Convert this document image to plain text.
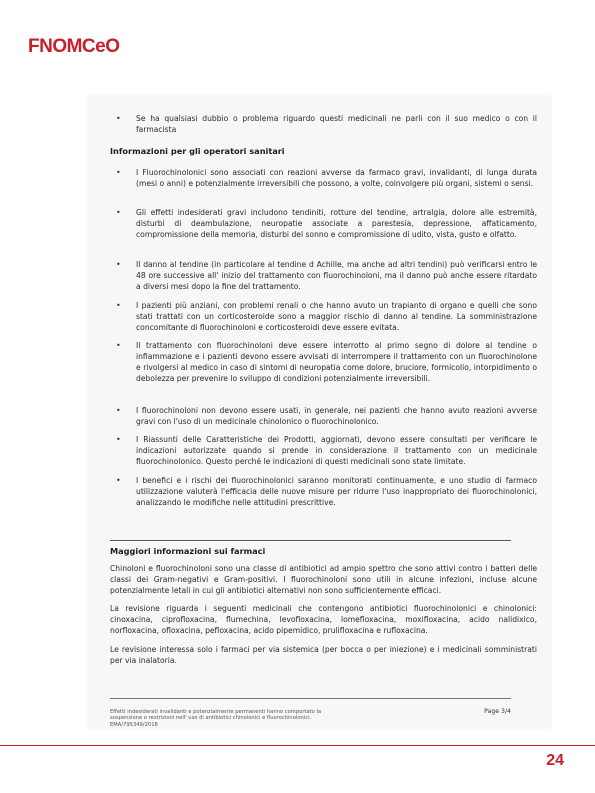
FNOMCeO
• Se ha qualsiasi dubbio o problema riguardo questi medicinali ne parli con il suo medico o con il farmacista
Informazioni per gli operatori sanitari
• I Fluorochinolonici sono associati con reazioni avverse da farmaco gravi, invalidanti, di lunga durata (mesi o anni) e potenzialmente irreversibili che possono, a volte, coinvolgere più organi, sistemi o sensi.
• Gli effetti indesiderati gravi includono tendiniti, rotture del tendine, artralgia, dolore alle estremità, disturbi di deambulazione, neuropatie associate a parestesia, depressione, affaticamento, compromissione della memoria, disturbi del sonno e compromissione di udito, vista, gusto e olfatto.
• Il danno al tendine (in particolare al tendine d Achille, ma anche ad altri tendini) può verificarsi entro le 48 ore successive all' inizio del trattamento con fluorochinoloni, ma il danno può anche essere ritardato a diversi mesi dopo la fine del trattamento.
• I pazienti più anziani, con problemi renali o che hanno avuto un trapianto di organo e quelli che sono stati trattati con un corticosteroide sono a maggior rischio di danno al tendine. La somministrazione concomitante di fluorochinoloni e corticosteroidi deve essere evitata.
• Il trattamento con fluorochinoloni deve essere interrotto al primo segno di dolore al tendine o infiammazione e i pazienti devono essere avvisati di interrompere il trattamento con un fluorochinolone e rivolgersi al medico in caso di sintomi di neuropatia come dolore, bruciore, formicolio, intorpidimento o debolezza per prevenire lo sviluppo di condizioni potenzialmente irreversibili.
• I fluorochinoloni non devono essere usati, in generale, nei pazienti che hanno avuto reazioni avverse gravi con l'uso di un medicinale chinolonico o fluorochinolonico.
• I Riassunti delle Caratteristiche dei Prodotti, aggiornati, devono essere consultati per verificare le indicazioni autorizzate quando si prende in considerazione il trattamento con un medicinale fluorochinolonico. Questo perché le indicazioni di questi medicinali sono state limitate.
• I benefici e i rischi dei fluorochinolonici saranno monitorati continuamente, e uno studio di farmaco utilizzazione valuterà l'efficacia delle nuove misure per ridurre l'uso inappropriato dei fluorochinolonici, analizzando le modifiche nelle attitudini prescrittive.
Maggiori informazioni sui farmaci
Chinoloni e fluorochinoloni sono una classe di antibiotici ad ampio spettro che sono attivi contro i batteri delle classi dei Gram-negativi e Gram-positivi. I fluorochinoloni sono utili in alcune infezioni, incluse alcune potenzialmente letali in cui gli antibiotici alternativi non sono sufficientemente efficaci.
La revisione riguarda i seguenti medicinali che contengono antibiotici fluorochinolonici e chinolonici: cinoxacina, ciprofloxacina, flumechina, levofloxacina, lomefloxacina, moxifloxacina, acido nalidixico, norfloxacina, ofloxacina, pefloxacina, acido pipemidico, prulifloxacina e rufloxacina.
Le revisione interessa solo i farmaci per via sistemica (per bocca o per iniezione) e i medicinali somministrati per via inalatoria.
Effetti indesiderati invalidanti e potenzialmente permanenti hanno comportato la
sospensione o restrizioni nell' uso di antibiotici chinolonici e fluorochinolonici.
EMA/795349/2018
Page 3/4
24
